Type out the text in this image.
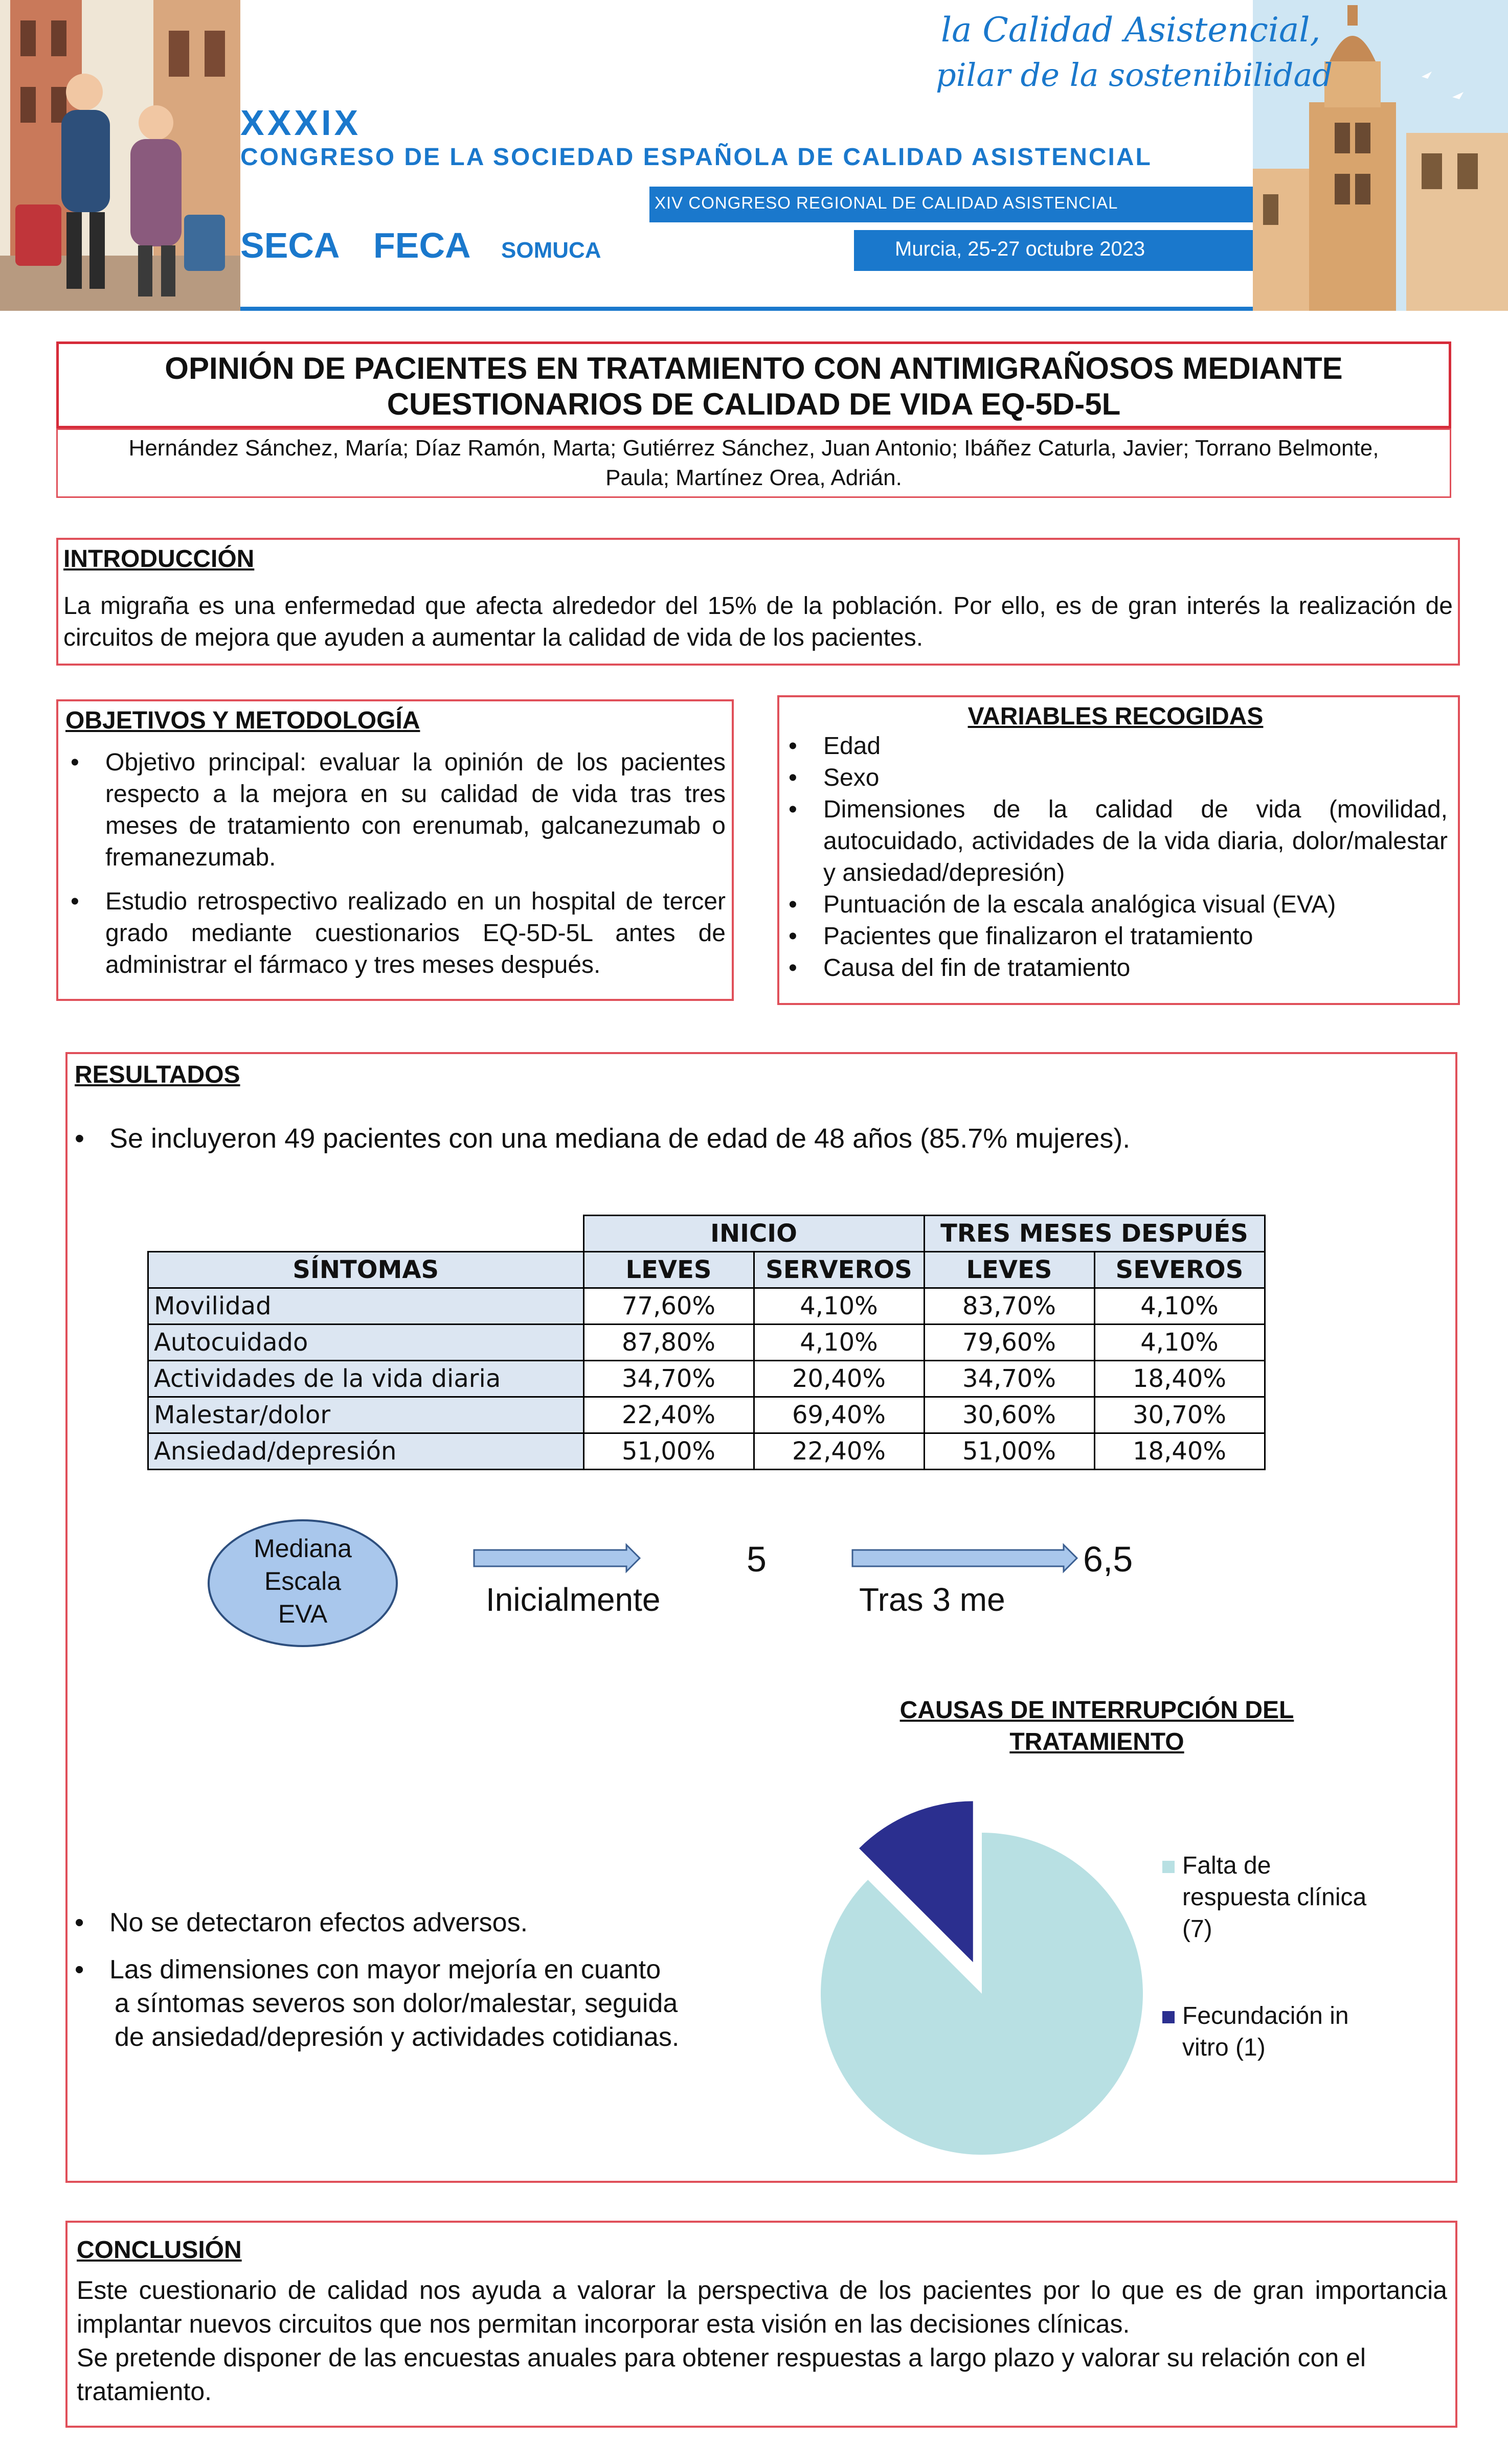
la Calidad Asistencial,
pilar de la sostenibilidad
XXXIX
CONGRESO DE LA SOCIEDAD ESPAÑOLA DE CALIDAD ASISTENCIAL
XIV CONGRESO REGIONAL DE CALIDAD ASISTENCIAL
SECA FECA SOMUCA	Murcia, 25-27 octubre 2023
OPINIÓN DE PACIENTES EN TRATAMIENTO CON ANTIMIGRAÑOSOS MEDIANTE
CUESTIONARIOS DE CALIDAD DE VIDA EQ-5D-5L
Hernández Sánchez, María; Díaz Ramón, Marta; Gutiérrez Sánchez, Juan Antonio; Ibáñez Caturla, Javier; Torrano Belmonte,
Paula; Martínez Orea, Adrián.
INTRODUCCIÓN
La migraña es una enfermedad que afecta alrededor del 15% de la población. Por ello, es de gran interés la realización de circuitos de mejora que ayuden a aumentar la calidad de vida de los pacientes.
OBJETIVOS Y METODOLOGÍA
• Objetivo principal: evaluar la opinión de los pacientes respecto a la mejora en su calidad de vida tras tres meses de tratamiento con erenumab, galcanezumab o fremanezumab.
• Estudio retrospectivo realizado en un hospital de tercer grado mediante cuestionarios EQ-5D-5L antes de administrar el fármaco y tres meses después.
VARIABLES RECOGIDAS
• Edad
• Sexo
• Dimensiones de la calidad de vida (movilidad, autocuidado, actividades de la vida diaria, dolor/malestar y ansiedad/depresión)
• Puntuación de la escala analógica visual (EVA)
• Pacientes que finalizaron el tratamiento
• Causa del fin de tratamiento
RESULTADOS
• Se incluyeron 49 pacientes con una mediana de edad de 48 años (85.7% mujeres).
	INICIO		TRES MESES DESPUÉS	
SÍNTOMAS	LEVES	SERVEROS	LEVES	SEVEROS
Movilidad	77,60%	4,10%	83,70%	4,10%
Autocuidado	87,80%	4,10%	79,60%	4,10%
Actividades de la vida diaria	34,70%	20,40%	34,70%	18,40%
Malestar/dolor	22,40%	69,40%	30,60%	30,70%
Ansiedad/depresión	51,00%	22,40%	51,00%	18,40%
Mediana
Escala
EVA	Inicialmente
5
Tras 3 me
6,5
CAUSAS DE INTERRUPCIÓN DEL
TRATAMIENTO
Falta de
respuesta clínica
(7)
Fecundación in
vitro (1)
• No se detectaron efectos adversos.
• Las dimensiones con mayor mejoría en cuanto
a síntomas severos son dolor/malestar, seguida
de ansiedad/depresión y actividades cotidianas.
CONCLUSIÓN
Este cuestionario de calidad nos ayuda a valorar la perspectiva de los pacientes por lo que es de gran importancia implantar nuevos circuitos que nos permitan incorporar esta visión en las decisiones clínicas.
Se pretende disponer de las encuestas anuales para obtener respuestas a largo plazo y valorar su relación con el tratamiento.
